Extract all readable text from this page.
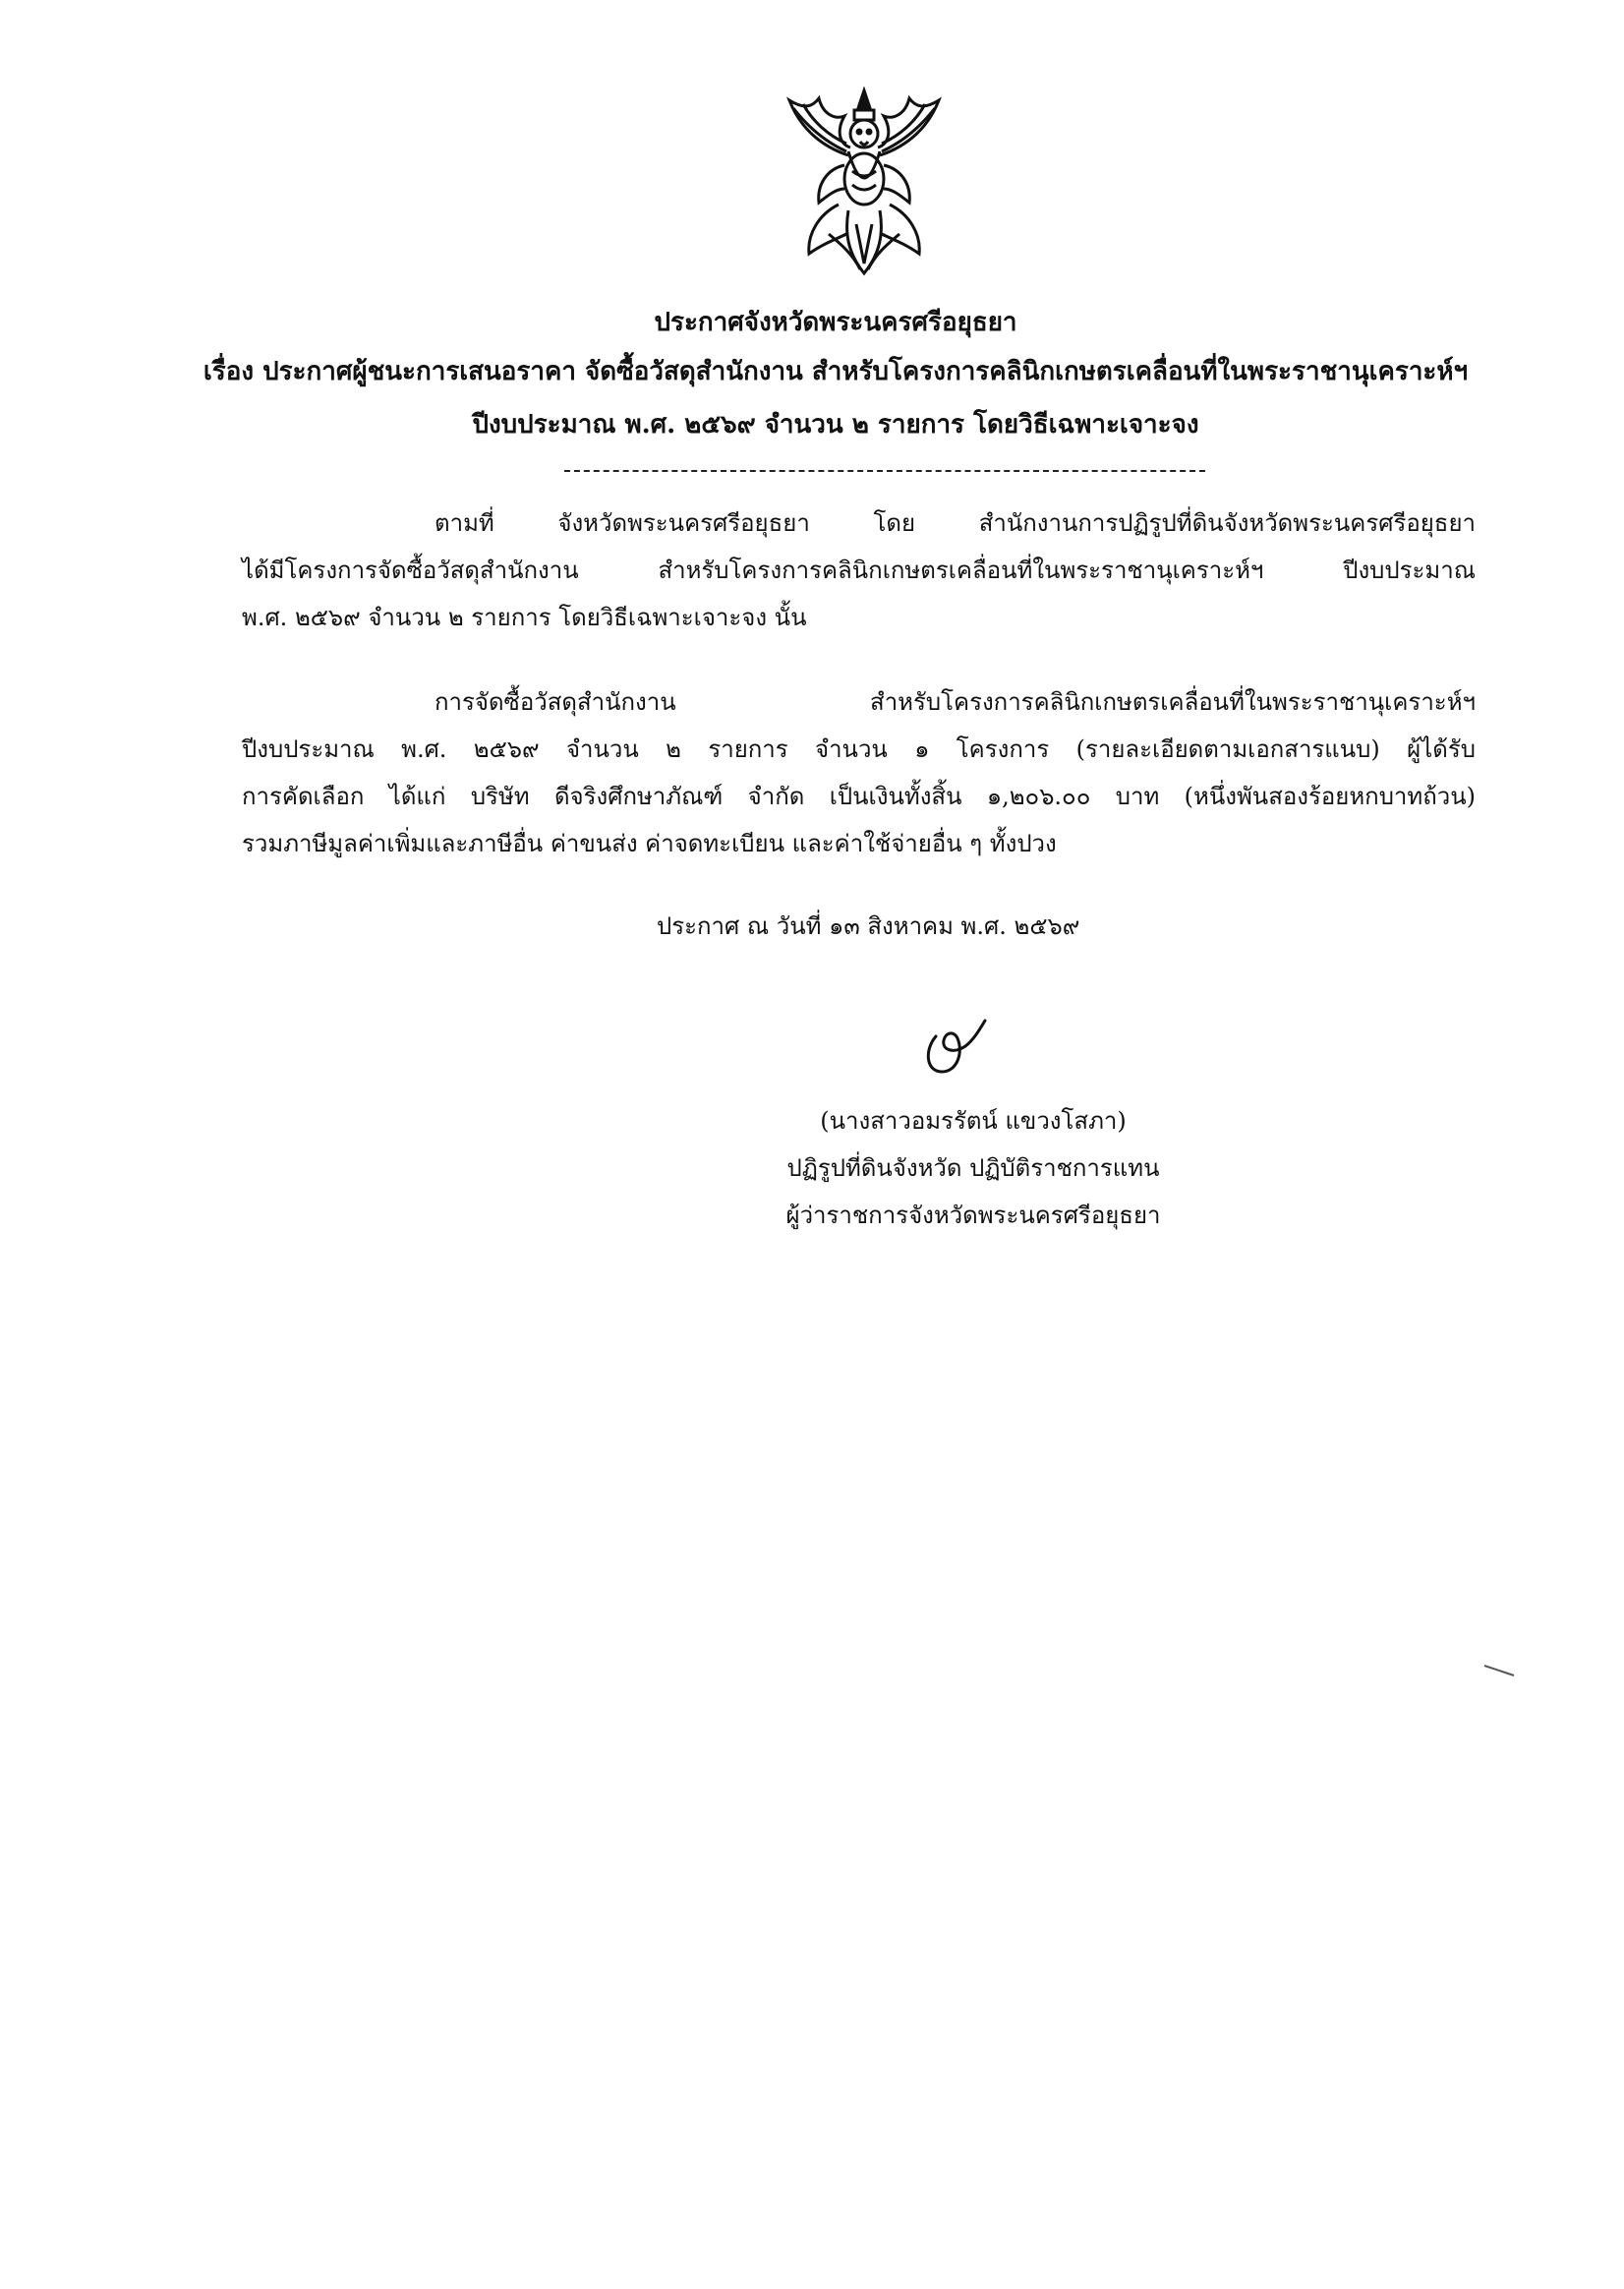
ประกาศจังหวัดพระนครศรีอยุธยา
เรื่อง ประกาศผู้ชนะการเสนอราคา จัดซื้อวัสดุสำนักงาน สำหรับโครงการคลินิกเกษตรเคลื่อนที่ในพระราชานุเคราะห์ฯ
ปีงบประมาณ พ.ศ. ๒๕๖๙ จำนวน ๒ รายการ โดยวิธีเฉพาะเจาะจง
ตามที่ จังหวัดพระนครศรีอยุธยา โดย สำนักงานการปฏิรูปที่ดินจังหวัดพระนครศรีอยุธยา
ได้มีโครงการจัดซื้อวัสดุสำนักงาน สำหรับโครงการคลินิกเกษตรเคลื่อนที่ในพระราชานุเคราะห์ฯ ปีงบประมาณ
พ.ศ. ๒๕๖๙ จำนวน ๒ รายการ โดยวิธีเฉพาะเจาะจง นั้น
การจัดซื้อวัสดุสำนักงาน สำหรับโครงการคลินิกเกษตรเคลื่อนที่ในพระราชานุเคราะห์ฯ
ปีงบประมาณ พ.ศ. ๒๕๖๙ จำนวน ๒ รายการ จำนวน ๑ โครงการ (รายละเอียดตามเอกสารแนบ) ผู้ได้รับ
การคัดเลือก ได้แก่ บริษัท ดีจริงศึกษาภัณฑ์ จำกัด เป็นเงินทั้งสิ้น ๑,๒๐๖.๐๐ บาท (หนึ่งพันสองร้อยหกบาทถ้วน)
รวมภาษีมูลค่าเพิ่มและภาษีอื่น ค่าขนส่ง ค่าจดทะเบียน และค่าใช้จ่ายอื่น ๆ ทั้งปวง
ประกาศ ณ วันที่ ๑๓ สิงหาคม พ.ศ. ๒๕๖๙
(นางสาวอมรรัตน์ แขวงโสภา)
ปฏิรูปที่ดินจังหวัด ปฏิบัติราชการแทน
ผู้ว่าราชการจังหวัดพระนครศรีอยุธยา
